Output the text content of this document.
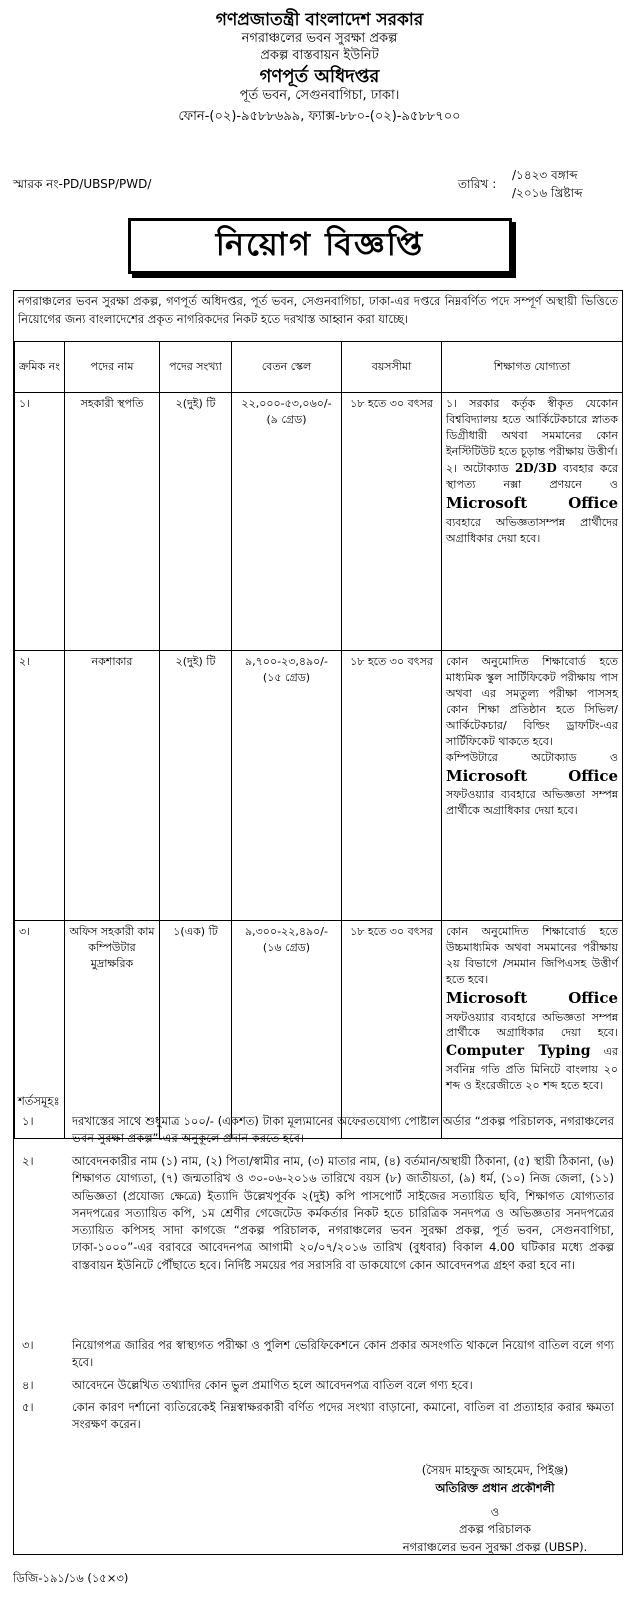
গণপ্রজাতন্ত্রী বাংলাদেশ সরকার
নগরাঞ্চলের ভবন সুরক্ষা প্রকল্প
প্রকল্প বাস্তবায়ন ইউনিট
গণপূর্ত অধিদপ্তর
পূর্ত ভবন, সেগুনবাগিচা, ঢাকা।
ফোন-(০২)-৯৫৮৮৬৯৯, ফ্যাক্স-৮৮০-(০২)-৯৫৮৮৭০০
স্মারক নং-PD/UBSP/PWD/	তারিখ :
/১৪২৩ বঙ্গাব্দ
/২০১৬ খ্রিষ্টাব্দ
নিয়োগ বিজ্ঞপ্তি
নগরাঞ্চলের ভবন সুরক্ষা প্রকল্প, গণপূর্ত অধিদপ্তর, পূর্ত ভবন, সেগুনবাগিচা, ঢাকা-এর দপ্তরে নিম্নবর্ণিত পদে সম্পূর্ণ অস্থায়ী ভিত্তিতে নিয়োগের জন্য বাংলাদেশের প্রকৃত নাগরিকদের নিকট হতে দরখাস্ত আহ্বান করা যাচ্ছে।
ক্রমিক নং	পদের নাম	পদের সংখ্যা	বেতন স্কেল	বয়সসীমা	শিক্ষাগত যোগ্যতা
১।	সহকারী স্থপতি	২(দুই) টি	২২,০০০-৫৩,০৬০/-(৯ গ্রেড)	১৮ হতে ৩০ বৎসর	১। সরকার কর্তৃক স্বীকৃত যেকোন বিশ্ববিদ্যালয় হতে আর্কিটেকচারে স্নাতক ডিগ্রীধারী অথবা সমমানের কোন ইনস্টিটিউট হতে চূড়ান্ত পরীক্ষায় উত্তীর্ণ।
২। অটোক্যাড 2D/3D ব্যবহার করে স্থাপত্য নক্সা প্রণয়নে ও Microsoft Office ব্যবহারে অভিজ্ঞতাসম্পন্ন প্রার্থীদের অগ্রাধিকার দেয়া হবে।

২।	নকশাকার	২(দুই) টি	৯,৭০০-২৩,৪৯০/-(১৫ গ্রেড)	১৮ হতে ৩০ বৎসর	কোন অনুমোদিত শিক্ষাবোর্ড হতে মাধ্যমিক স্কুল সার্টিফিকেট পরীক্ষায় পাস অথবা এর সমতুল্য পরীক্ষা পাসসহ কোন শিক্ষা প্রতিষ্ঠান হতে সিভিল/আর্কিটেকচার/ বিল্ডিং ড্রাফটিং-এর সার্টিফিকেট থাকতে হবে।
কম্পিউটারে অটোক্যাড ও Microsoft Office সফটওয়্যার ব্যবহারে অভিজ্ঞতা সম্পন্ন প্রার্থীকে অগ্রাধিকার দেয়া হবে।

৩।	অফিস সহকারী কাম কম্পিউটার মুদ্রাক্ষরিক	১(এক) টি	৯,৩০০-২২,৪৯০/-(১৬ গ্রেড)	১৮ হতে ৩০ বৎসর	কোন অনুমোদিত শিক্ষাবোর্ড হতে উচ্চমাধ্যমিক অথবা সমমানের পরীক্ষায় ২য় বিভাগে /সমমান জিপিএসহ উত্তীর্ণ হতে হবে।
Microsoft Office সফটওয়্যার ব্যবহারে অভিজ্ঞতা সম্পন্ন প্রার্থীকে অগ্রাধিকার দেয়া হবে। Computer Typing এর সর্বনিম্ন গতি প্রতি মিনিটে বাংলায় ২০ শব্দ ও ইংরেজীতে ২০ শব্দ হতে হবে।
শর্তসমূহঃ
১।	দরখাস্তের সাথে শুধুমাত্র ১০০/- (একশত) টাকা মূল্যমানের অফেরতযোগ্য পোষ্টাল অর্ডার “প্রকল্প পরিচালক, নগরাঞ্চলের ভবন সুরক্ষা প্রকল্প”-এর অনুকূলে প্রদান করতে হবে।
২।	আবেদনকারীর নাম (১) নাম, (২) পিতা/স্বামীর নাম, (৩) মাতার নাম, (৪) বর্তমান/অস্থায়ী ঠিকানা, (৫) স্থায়ী ঠিকানা, (৬) শিক্ষাগত যোগ্যতা, (৭) জন্মতারিখ ও ৩০-০৬-২০১৬ তারিখে বয়স (৮) জাতীয়তা, (৯) ধর্ম, (১০) নিজ জেলা, (১১) অভিজ্ঞতা (প্রযোজ্য ক্ষেত্রে) ইত্যাদি উল্লেখপূর্বক ২(দুই) কপি পাসপোর্ট সাইজের সত্যায়িত ছবি, শিক্ষাগত যোগ্যতার সনদপত্রের সত্যায়িত কপি, ১ম শ্রেণীর গেজেটেড কর্মকর্তার নিকট হতে চারিত্রিক সনদপত্র ও অভিজ্ঞতার সনদপত্রের সত্যায়িত কপিসহ সাদা কাগজে “প্রকল্প পরিচালক, নগরাঞ্চলের ভবন সুরক্ষা প্রকল্প, পূর্ত ভবন, সেগুনবাগিচা, ঢাকা-১০০০”-এর বরাবরে আবেদনপত্র আগামী ২০/০৭/২০১৬ তারিখ (বুধবার) বিকাল 4.00 ঘটিকার মধ্যে প্রকল্প বাস্তবায়ন ইউনিটে পৌঁছাতে হবে। নির্দিষ্ট সময়ের পর সরাসরি বা ডাকযোগে কোন আবেদনপত্র গ্রহণ করা হবে না।
৩।	নিয়োগপত্র জারির পর স্বাস্থ্যগত পরীক্ষা ও পুলিশ ভেরিফিকেশনে কোন প্রকার অসংগতি থাকলে নিয়োগ বাতিল বলে গণ্য হবে।
৪।	আবেদনে উল্লেখিত তথ্যাদির কোন ভুল প্রমাণিত হলে আবেদনপত্র বাতিল বলে গণ্য হবে।
৫।	কোন কারণ দর্শানো ব্যতিরেকেই নিম্নস্বাক্ষরকারী বর্ণিত পদের সংখ্যা বাড়ানো, কমানো, বাতিল বা প্রত্যাহার করার ক্ষমতা সংরক্ষণ করেন।
(সৈয়দ মাহফুজ আহমেদ, পিইঞ্জ)
অতিরিক্ত প্রধান প্রকৌশলী
ও
প্রকল্প পরিচালক
নগরাঞ্চলের ভবন সুরক্ষা প্রকল্প (UBSP).
ডিজি-১৯১/১৬ (১৫×৩)
